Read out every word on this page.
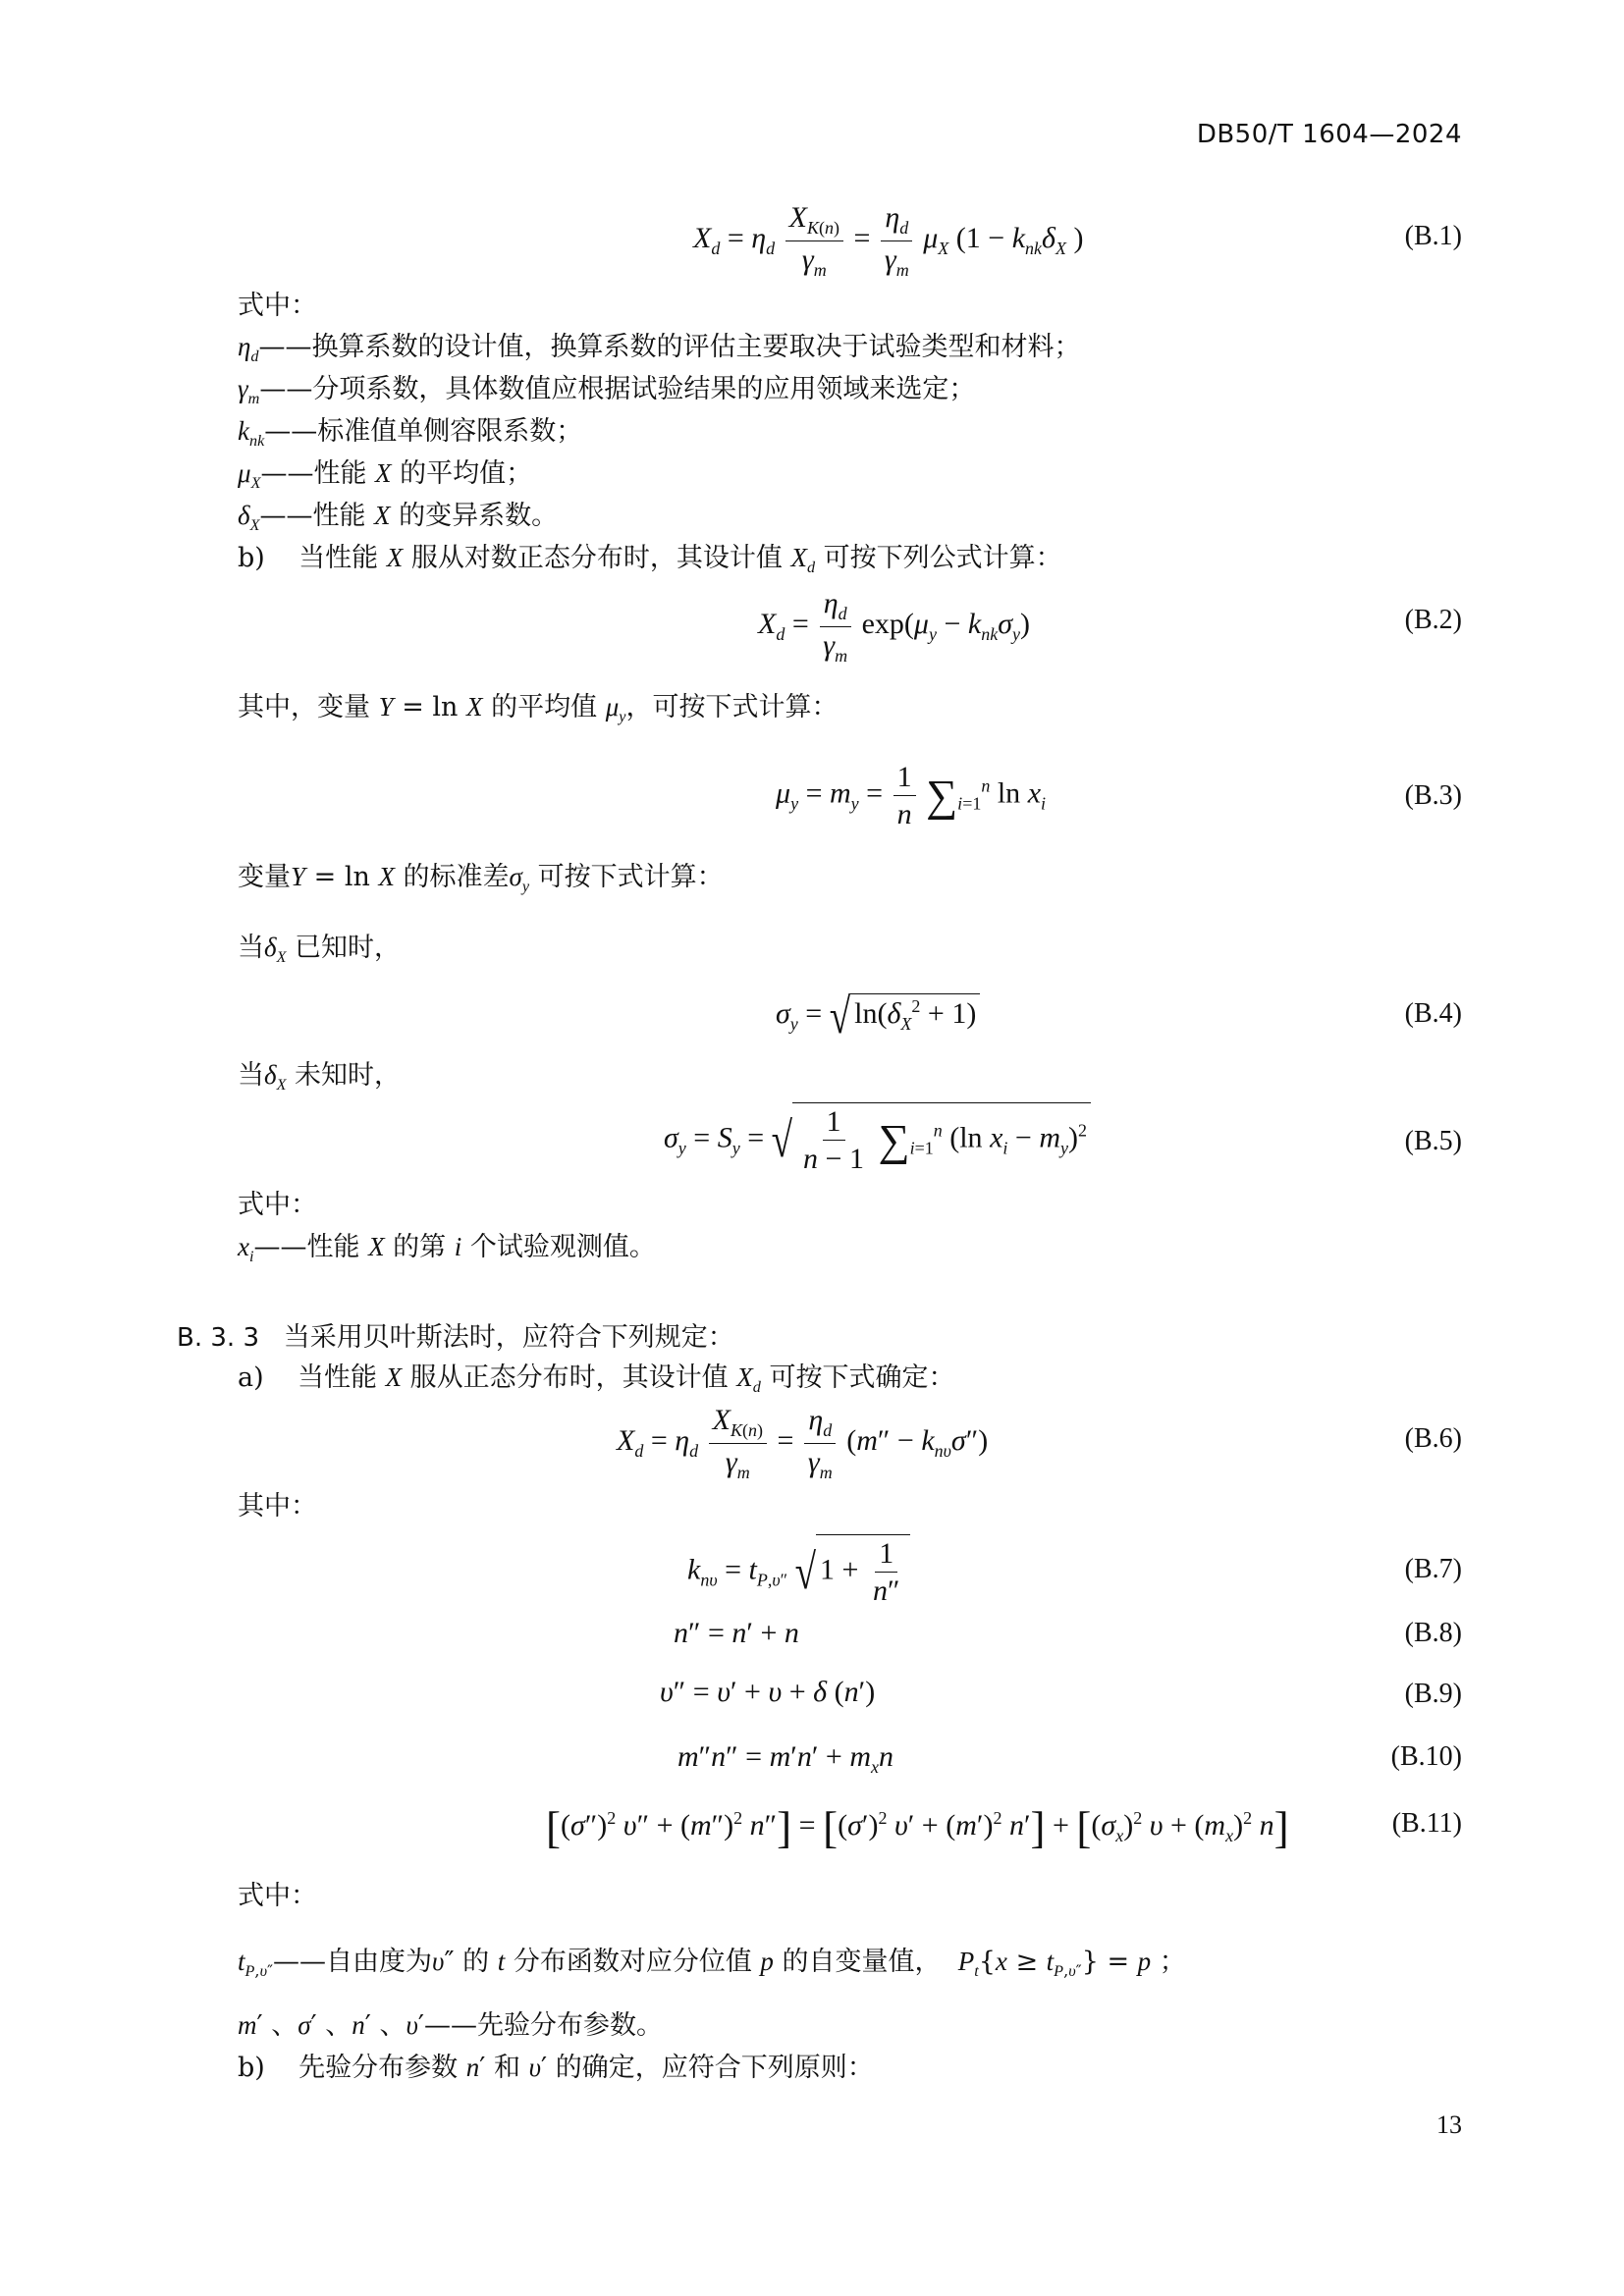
DB50/T 1604—2024
$X_d = \eta_d \frac{X_{K(n)}}{\gamma_m} = \frac{\eta_d}{\gamma_m} \mu_X$ ($1 - k_{nk}\delta_X$ )	(B.1)
式中：
$\eta_d——$换算系数的设计值，换算系数的评估主要取决于试验类型和材料；
$\gamma_m——$分项系数，具体数值应根据试验结果的应用领域来选定；
$k_{nk}——$标准值单侧容限系数；
$\mu_X——$性能 X 的平均值；
$\delta_X——$性能 X 的变异系数。
b) 当性能 X 服从对数正态分布时，其设计值 $X_d$ 可按下列公式计算：
$X_d = \frac{\eta_d}{\gamma_m} \exp(\mu_y - k_{nk}\sigma_y)$	(B.2)
其中，变量 Y = ln X 的平均值 $\mu_y$，可按下式计算：
$\mu_y = m_y = \frac{1}{n} \sum_{i=1}^n$ $\ln x_i$	(B.3)
变量Y = ln X 的标准差$\sigma_y$ 可按下式计算：
当$\delta_X$ 已知时，
$\sigma_y$ = √ $\ln(\delta_X^2 + 1)$	(B.4)
当$\delta_X$ 未知时，
$\sigma_y = S_y$ = √ $\frac{1}{n - 1} \sum_{i=1}^n$ (ln $x_i - m_y)^2$	(B.5)
式中：
$x_i——$性能 X 的第 i 个试验观测值。
B. 3. 3 当采用贝叶斯法时，应符合下列规定：
a) 当性能 X 服从正态分布时，其设计值 $X_d$ 可按下式确定：
$X_d = \eta_d \frac{X_{K(n)}}{\gamma_m} = \frac{\eta_d}{\gamma_m} (m'' - k_{n\upsilon}\sigma'')$	(B.6)
其中：
$k_{n\upsilon} = t_{P,\upsilon''}$ √ $1 + \frac{1}{n''}$	(B.7)
n″ = n′ + n	(B.8)
υ″ = υ′ + υ + δ (n′)	(B.9)
$m''n'' = m'n' + m_xn$	(B.10)
[$(\sigma'')^2$ $\upsilon'' + (m'')^2$ $n''] = [(\sigma')^2$ $\upsilon' + (m')^2$ $n'] + [(\sigma_x)^2$ $\upsilon + (m_x)^2$ n]	(B.11)
式中：
$t_{P,\upsilon''}——$自由度为υ″ 的 t 分布函数对应分位值 p 的自变量值， $P_t\{x \ge t_{P,\upsilon''}\} = p$ ；
m′ 、σ′ 、n′ 、υ′——先验分布参数。
b) 先验分布参数 n′ 和 υ′ 的确定，应符合下列原则：
13
